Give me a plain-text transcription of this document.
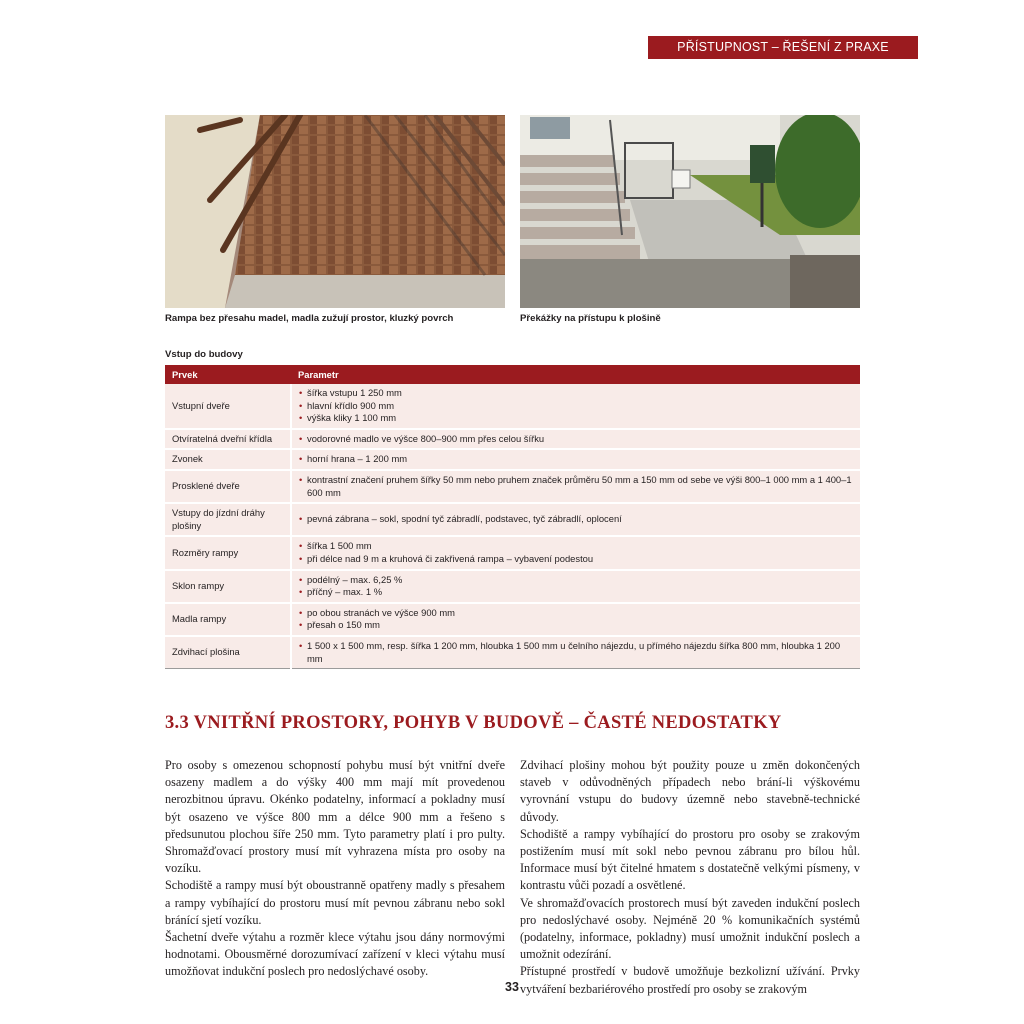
PŘÍSTUPNOST – ŘEŠENÍ Z PRAXE
Rampa bez přesahu madel, madla zužují prostor, kluzký povrch	Překážky na přístupu k plošině
Vstup do budovy
Prvek	Parametr
Vstupní dveře	• šířka vstupu 1 250 mm
• hlavní křídlo 900 mm
• výška kliky 1 100 mm

Otvíratelná dveřní křídla	• vodorovné madlo ve výšce 800–900 mm přes celou šířku

Zvonek	• horní hrana – 1 200 mm

Prosklené dveře	• kontrastní značení pruhem šířky 50 mm nebo pruhem značek průměru 50 mm a 150 mm od sebe ve výši 800–1 000 mm a 1 400–1 600 mm

Vstupy do jízdní dráhy plošiny	• pevná zábrana – sokl, spodní tyč zábradlí, podstavec, tyč zábradlí, oplocení

Rozměry rampy	• šířka 1 500 mm
• při délce nad 9 m a kruhová či zakřivená rampa – vybavení podestou

Sklon rampy	• podélný – max. 6,25 %
• příčný – max. 1 %

Madla rampy	• po obou stranách ve výšce 900 mm
• přesah o 150 mm

Zdvihací plošina	• 1 500 x 1 500 mm, resp. šířka 1 200 mm, hloubka 1 500 mm u čelního nájezdu, u přímého nájezdu šířka 800 mm, hloubka 1 200 mm
3.3 VNITŘNÍ PROSTORY, POHYB V BUDOVĚ – ČASTÉ NEDOSTATKY

Pro osoby s omezenou schopností pohybu musí být vnitřní dveře osazeny madlem a do výšky 400 mm mají mít provedenou nerozbitnou úpravu. Okénko podatelny, informací a pokladny musí být osazeno ve výšce 800 mm a délce 900 mm a řešeno s předsunutou plochou šíře 250 mm. Tyto parametry platí i pro pulty. Shromažďovací prostory musí mít vyhrazena místa pro osoby na vozíku.

Schodiště a rampy musí být oboustranně opatřeny madly s přesahem a rampy vybíhající do prostoru musí mít pevnou zábranu nebo sokl bránící sjetí vozíku.

Šachetní dveře výtahu a rozměr klece výtahu jsou dány normovými hodnotami. Obousměrné dorozumívací zařízení v kleci výtahu musí umožňovat indukční poslech pro nedoslýchavé osoby.

Zdvihací plošiny mohou být použity pouze u změn dokončených staveb v odůvodněných případech nebo brání-li výškovému vyrovnání vstupu do budovy územně nebo stavebně-technické důvody.

Schodiště a rampy vybíhající do prostoru pro osoby se zrakovým postižením musí mít sokl nebo pevnou zábranu pro bílou hůl. Informace musí být čitelné hmatem s dostatečně velkými písmeny, v kontrastu vůči pozadí a osvětlené.

Ve shromažďovacích prostorech musí být zaveden indukční poslech pro nedoslýchavé osoby. Nejméně 20 % komunikačních systémů (podatelny, informace, pokladny) musí umožnit indukční poslech a umožnit odezírání.

Přístupné prostředí v budově umožňuje bezkolizní užívání. Prvky vytváření bezbariérového prostředí pro osoby se zrakovým

33
